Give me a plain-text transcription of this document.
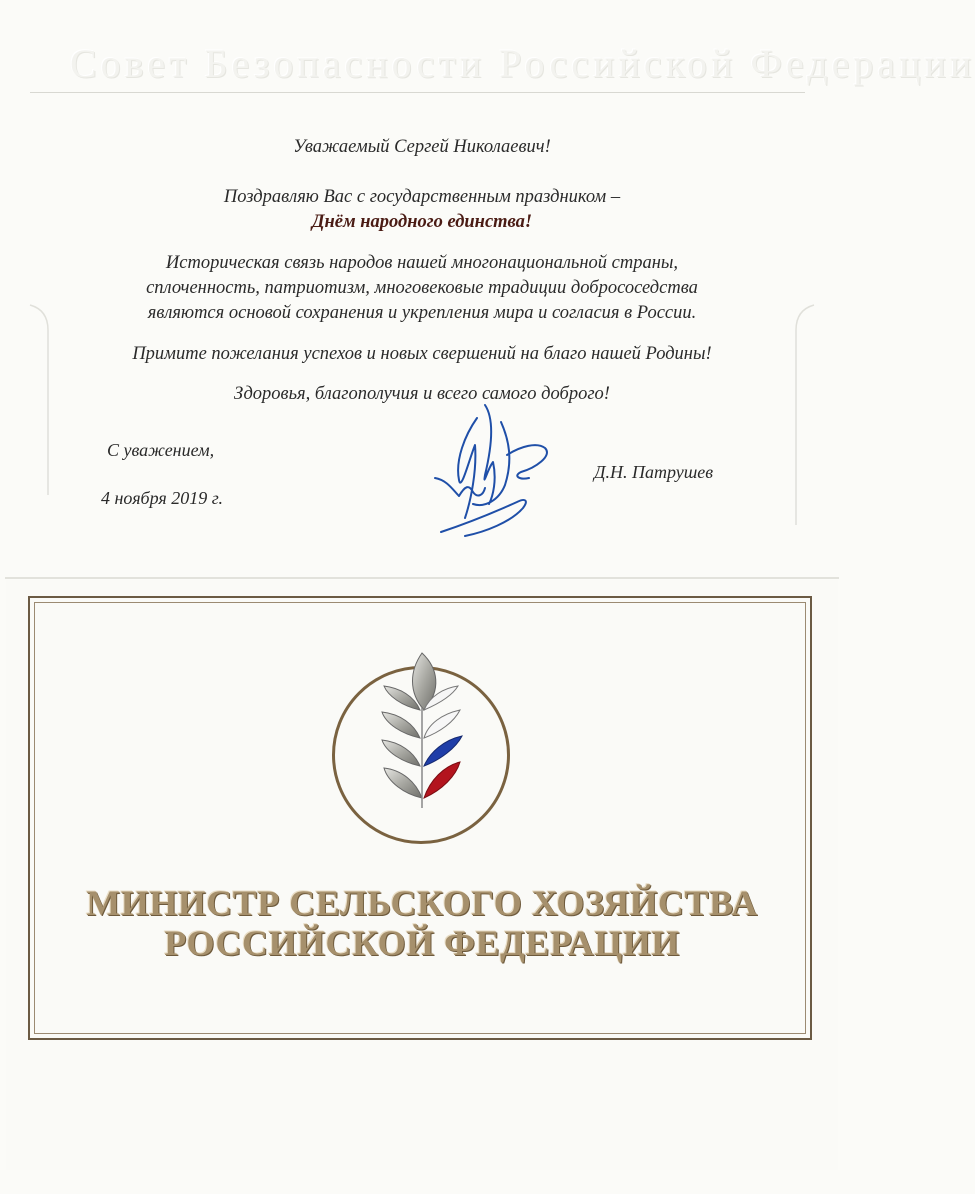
Совет Безопасности Российской Федерации
Уважаемый Сергей Николаевич!
Поздравляю Вас с государственным праздником –
Днём народного единства!
Историческая связь народов нашей многонациональной страны,
сплоченность, патриотизм, многовековые традиции добрососедства
являются основой сохранения и укрепления мира и согласия в России.
Примите пожелания успехов и новых свершений на благо нашей Родины!
Здоровья, благополучия и всего самого доброго!
С уважением,
4 ноября 2019 г.
Д.Н. Патрушев
МИНИСТР СЕЛЬСКОГО ХОЗЯЙСТВА
РОССИЙСКОЙ ФЕДЕРАЦИИ
